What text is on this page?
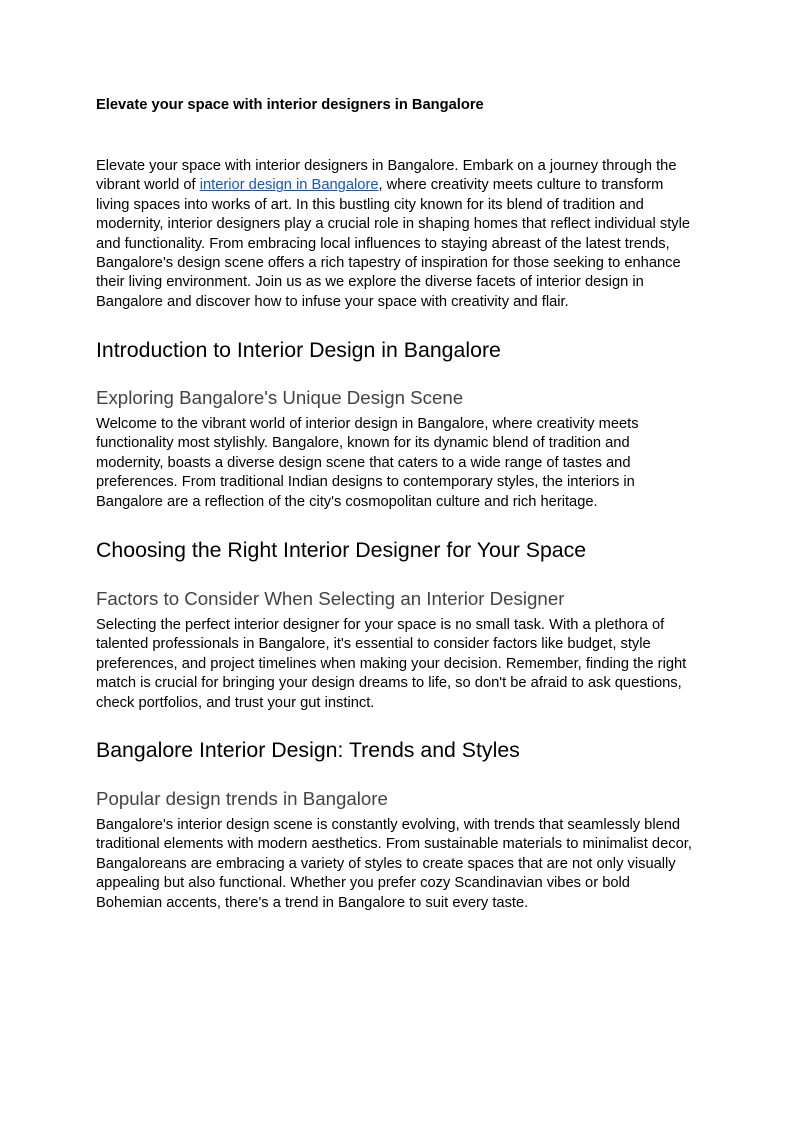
Elevate your space with interior designers in Bangalore

Elevate your space with interior designers in Bangalore. Embark on a journey through the
vibrant world of interior design in Bangalore, where creativity meets culture to transform
living spaces into works of art. In this bustling city known for its blend of tradition and
modernity, interior designers play a crucial role in shaping homes that reflect individual style
and functionality. From embracing local influences to staying abreast of the latest trends,
Bangalore's design scene offers a rich tapestry of inspiration for those seeking to enhance
their living environment. Join us as we explore the diverse facets of interior design in
Bangalore and discover how to infuse your space with creativity and flair.

Introduction to Interior Design in Bangalore
Exploring Bangalore's Unique Design Scene

Welcome to the vibrant world of interior design in Bangalore, where creativity meets
functionality most stylishly. Bangalore, known for its dynamic blend of tradition and
modernity, boasts a diverse design scene that caters to a wide range of tastes and
preferences. From traditional Indian designs to contemporary styles, the interiors in
Bangalore are a reflection of the city's cosmopolitan culture and rich heritage.

Choosing the Right Interior Designer for Your Space
Factors to Consider When Selecting an Interior Designer

Selecting the perfect interior designer for your space is no small task. With a plethora of
talented professionals in Bangalore, it's essential to consider factors like budget, style
preferences, and project timelines when making your decision. Remember, finding the right
match is crucial for bringing your design dreams to life, so don't be afraid to ask questions,
check portfolios, and trust your gut instinct.

Bangalore Interior Design: Trends and Styles
Popular design trends in Bangalore

Bangalore's interior design scene is constantly evolving, with trends that seamlessly blend
traditional elements with modern aesthetics. From sustainable materials to minimalist decor,
Bangaloreans are embracing a variety of styles to create spaces that are not only visually
appealing but also functional. Whether you prefer cozy Scandinavian vibes or bold
Bohemian accents, there's a trend in Bangalore to suit every taste.
